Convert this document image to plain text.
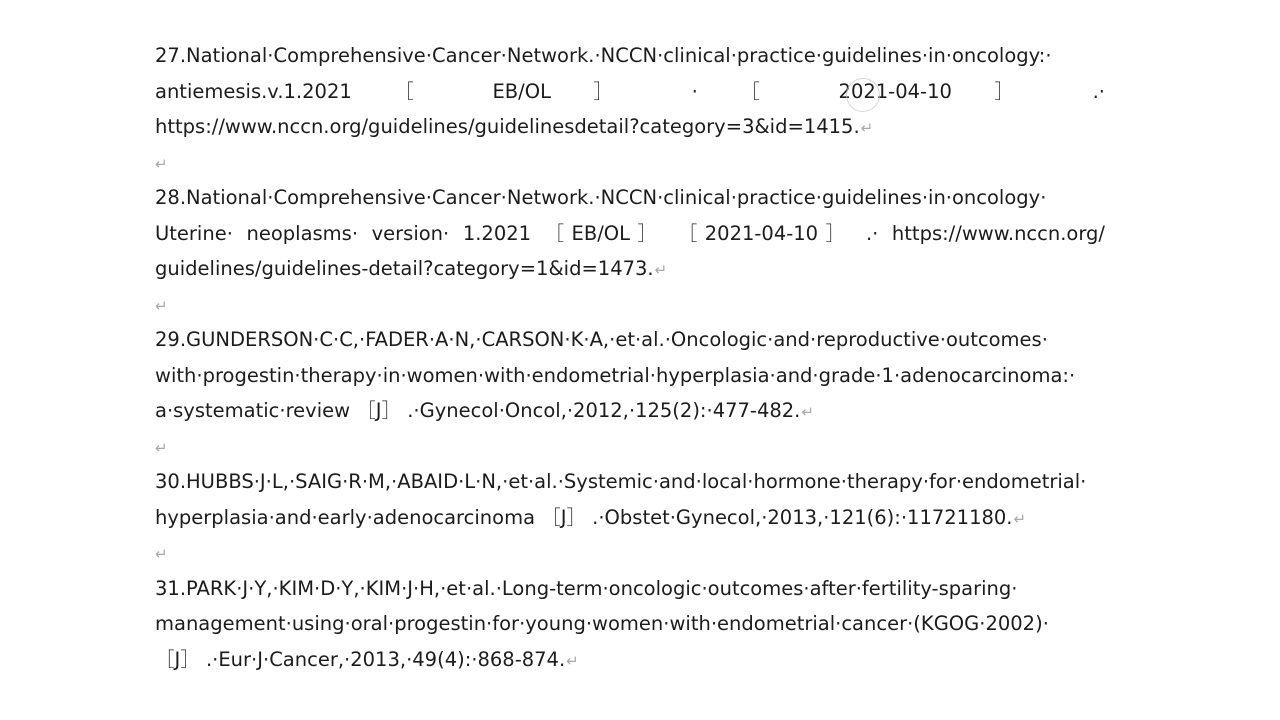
27.National·Comprehensive·Cancer·Network.·NCCN·clinical·practice·guidelines·in·oncology:·
antiemesis.v.1.2021 ［ EB/OL ］ · ［ 2021-04-10 ］ .·
https://www.nccn.org/guidelines/guidelinesdetail?category=3&id=1415.↵
↵
28.National·Comprehensive·Cancer·Network.·NCCN·clinical·practice·guidelines·in·oncology·
Uterine· neoplasms· version· 1.2021 ［EB/OL］ ［2021-04-10］ .· https://www.nccn.org/
guidelines/guidelines-detail?category=1&id=1473.↵
↵
29.GUNDERSON·C·C,·FADER·A·N,·CARSON·K·A,·et·al.·Oncologic·and·reproductive·outcomes·
with·progestin·therapy·in·women·with·endometrial·hyperplasia·and·grade·1·adenocarcinoma:·
a·systematic·review ［J］ .·Gynecol·Oncol,·2012,·125(2):·477-482.↵
↵
30.HUBBS·J·L,·SAIG·R·M,·ABAID·L·N,·et·al.·Systemic·and·local·hormone·therapy·for·endometrial·
hyperplasia·and·early·adenocarcinoma ［J］ .·Obstet·Gynecol,·2013,·121(6):·11721180.↵
↵
31.PARK·J·Y,·KIM·D·Y,·KIM·J·H,·et·al.·Long-term·oncologic·outcomes·after·fertility-sparing·
management·using·oral·progestin·for·young·women·with·endometrial·cancer·(KGOG·2002)·
［J］ .·Eur·J·Cancer,·2013,·49(4):·868-874.↵
